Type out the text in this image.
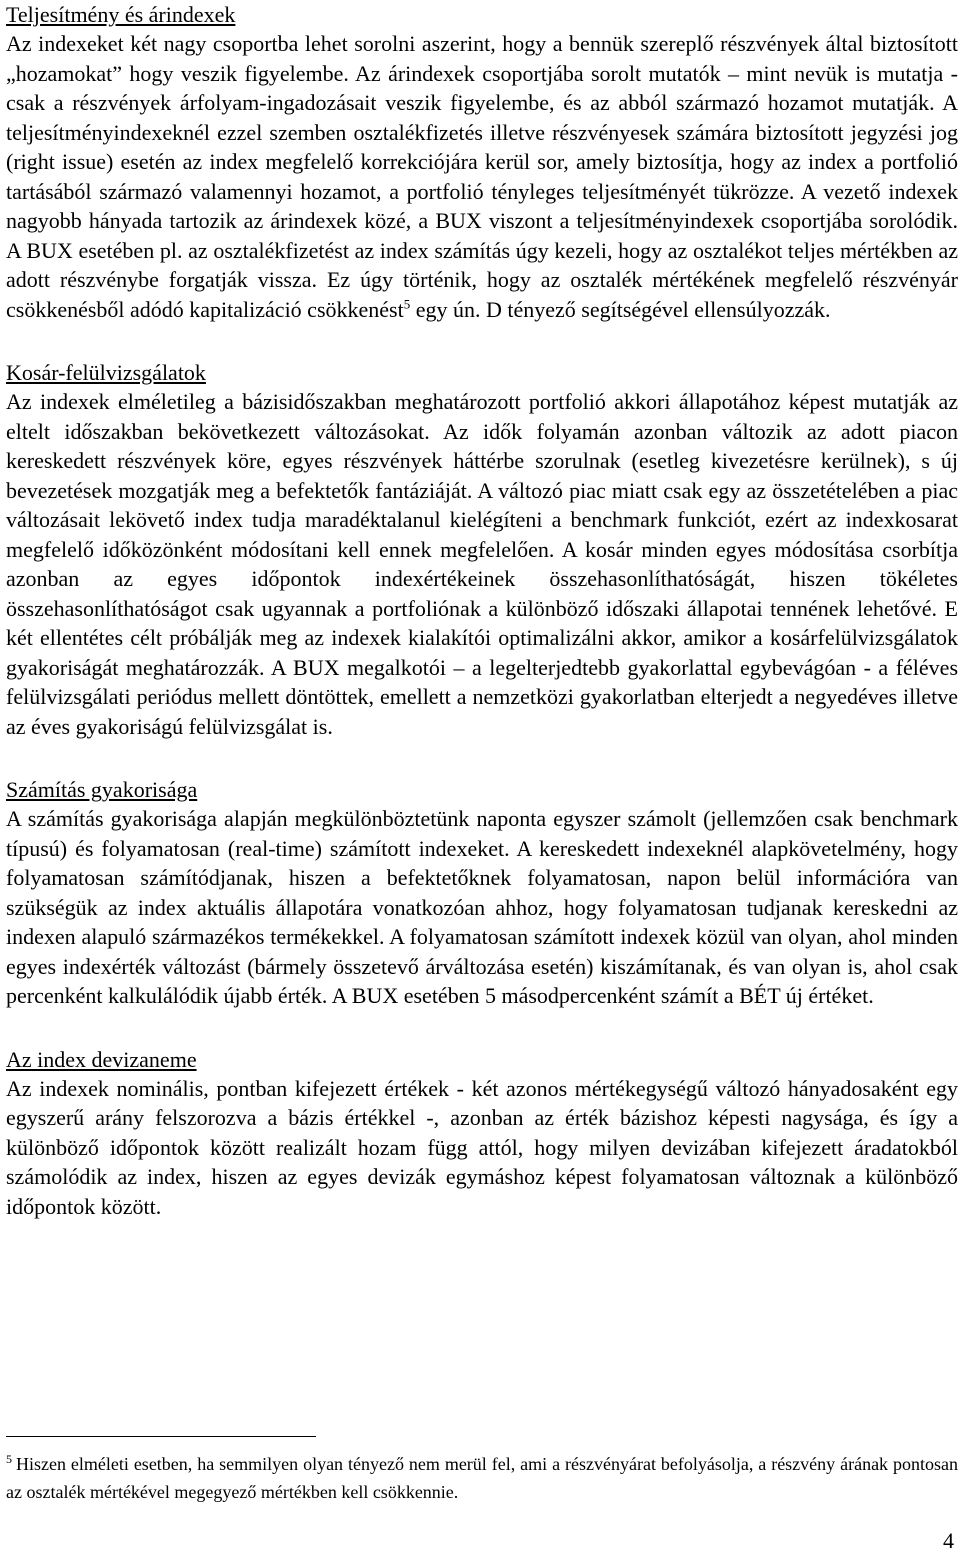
Teljesítmény és árindexek

Az indexeket két nagy csoportba lehet sorolni aszerint, hogy a bennük szereplő részvények által biztosított „hozamokat” hogy veszik figyelembe. Az árindexek csoportjába sorolt mutatók – mint nevük is mutatja - csak a részvények árfolyam-ingadozásait veszik figyelembe, és az abból származó hozamot mutatják. A teljesítményindexeknél ezzel szemben osztalékfizetés illetve részvényesek számára biztosított jegyzési jog (right issue) esetén az index megfelelő korrekciójára kerül sor, amely biztosítja, hogy az index a portfolió tartásából származó valamennyi hozamot, a portfolió tényleges teljesítményét tükrözze. A vezető indexek nagyobb hányada tartozik az árindexek közé, a BUX viszont a teljesítményindexek csoportjába sorolódik. A BUX esetében pl. az osztalékfizetést az index számítás úgy kezeli, hogy az osztalékot teljes mértékben az adott részvénybe forgatják vissza. Ez úgy történik, hogy az osztalék mértékének megfelelő részvényár csökkenésből adódó kapitalizáció csökkenést$^5$ egy ún. D tényező segítségével ellensúlyozzák.

Kosár-felülvizsgálatok

Az indexek elméletileg a bázisidőszakban meghatározott portfolió akkori állapotához képest mutatják az eltelt időszakban bekövetkezett változásokat. Az idők folyamán azonban változik az adott piacon kereskedett részvények köre, egyes részvények háttérbe szorulnak (esetleg kivezetésre kerülnek), s új bevezetések mozgatják meg a befektetők fantáziáját. A változó piac miatt csak egy az összetételében a piac változásait lekövető index tudja maradéktalanul kielégíteni a benchmark funkciót, ezért az indexkosarat megfelelő időközönként módosítani kell ennek megfelelően. A kosár minden egyes módosítása csorbítja azonban az egyes időpontok indexértékeinek összehasonlíthatóságát, hiszen tökéletes összehasonlíthatóságot csak ugyannak a portfoliónak a különböző időszaki állapotai tennének lehetővé. E két ellentétes célt próbálják meg az indexek kialakítói optimalizálni akkor, amikor a kosárfelülvizsgálatok gyakoriságát meghatározzák. A BUX megalkotói – a legelterjedtebb gyakorlattal egybevágóan - a féléves felülvizsgálati periódus mellett döntöttek, emellett a nemzetközi gyakorlatban elterjedt a negyedéves illetve az éves gyakoriságú felülvizsgálat is.

Számítás gyakorisága

A számítás gyakorisága alapján megkülönböztetünk naponta egyszer számolt (jellemzően csak benchmark típusú) és folyamatosan (real-time) számított indexeket. A kereskedett indexeknél alapkövetelmény, hogy folyamatosan számítódjanak, hiszen a befektetőknek folyamatosan, napon belül információra van szükségük az index aktuális állapotára vonatkozóan ahhoz, hogy folyamatosan tudjanak kereskedni az indexen alapuló származékos termékekkel. A folyamatosan számított indexek közül van olyan, ahol minden egyes indexérték változást (bármely összetevő árváltozása esetén) kiszámítanak, és van olyan is, ahol csak percenként kalkulálódik újabb érték. A BUX esetében 5 másodpercenként számít a BÉT új értéket.

Az index devizaneme

Az indexek nominális, pontban kifejezett értékek - két azonos mértékegységű változó hányadosaként egy egyszerű arány felszorozva a bázis értékkel -, azonban az érték bázishoz képesti nagysága, és így a különböző időpontok között realizált hozam függ attól, hogy milyen devizában kifejezett áradatokból számolódik az index, hiszen az egyes devizák egymáshoz képest folyamatosan változnak a különböző időpontok között.

$^5$ Hiszen elméleti esetben, ha semmilyen olyan tényező nem merül fel, ami a részvényárat befolyásolja, a részvény árának pontosan az osztalék mértékével megegyező mértékben kell csökkennie.
4
